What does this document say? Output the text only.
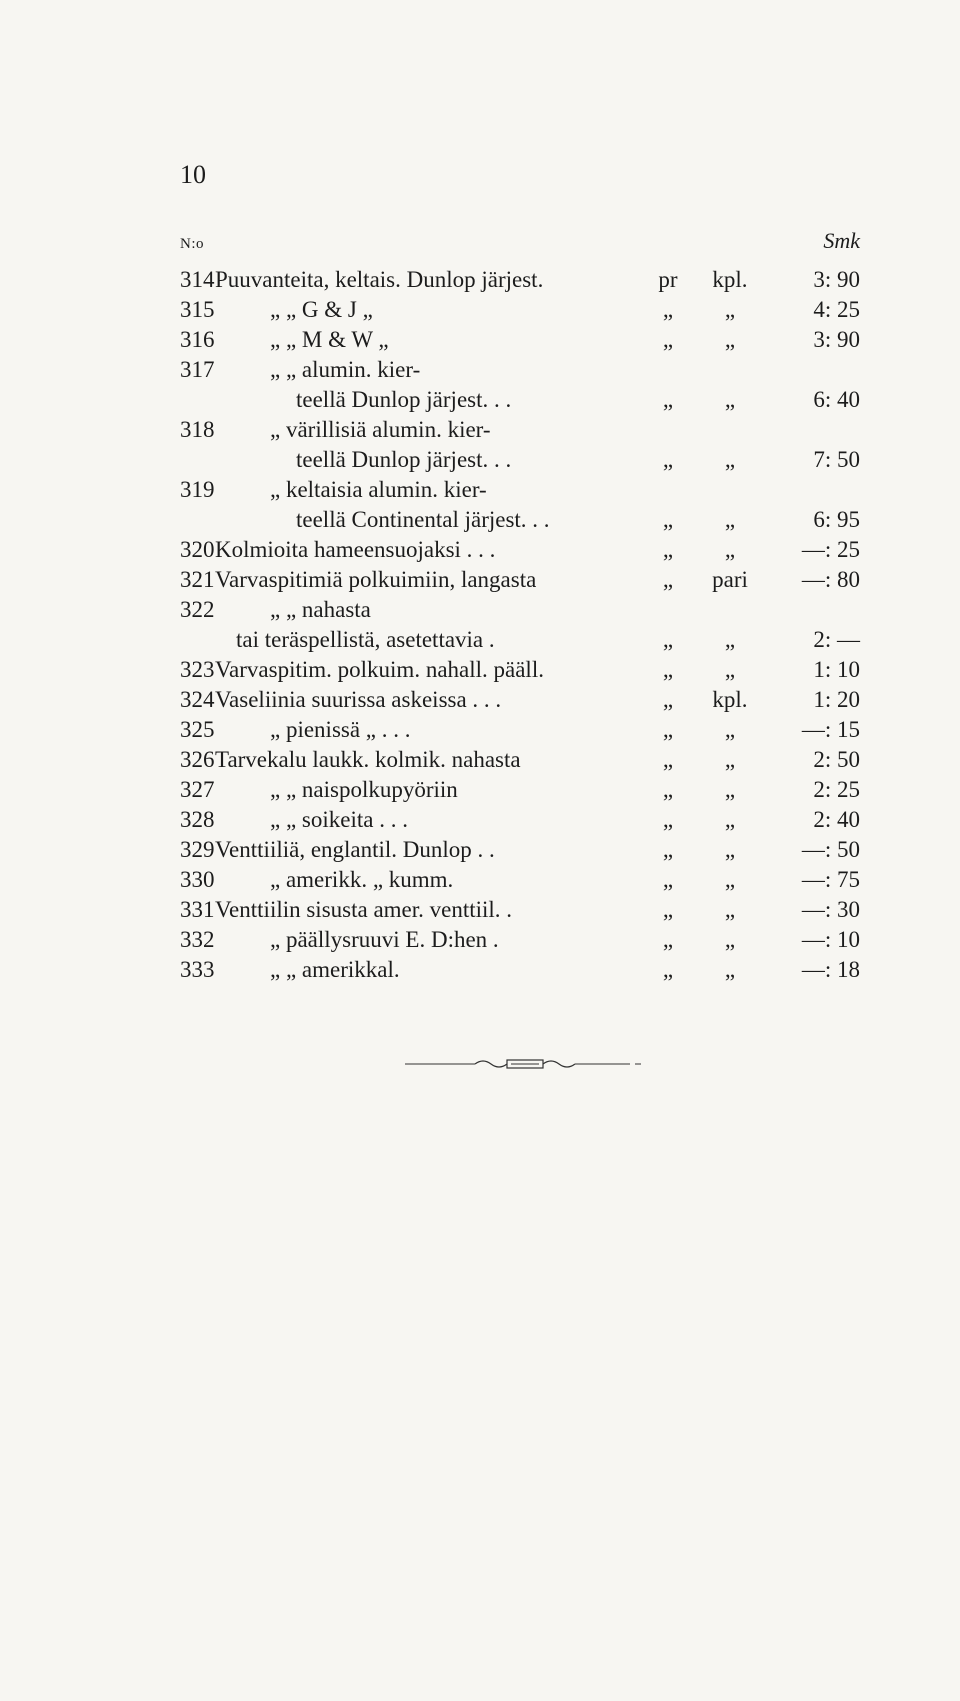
10
N:o	Smk
314 Puuvanteita, keltais. Dunlop järjest.	pr	kpl.	3: 90
315 „ „ G & J „	„	„	4: 25
316 „ „ M & W „	„	„	3: 90
317 „ „ alumin. kier-
teellä Dunlop järjest. . .	„	„	6: 40
318 „ värillisiä alumin. kier-
teellä Dunlop järjest. . .	„	„	7: 50
319 „ keltaisia alumin. kier-
teellä Continental järjest. . .	„	„	6: 95
320 Kolmioita hameensuojaksi . . .	„	„	—: 25
321 Varvaspitimiä polkuimiin, langasta	„	pari	—: 80
322 „ „ nahasta
tai teräspellistä, asetettavia .	„	„	2: —
323 Varvaspitim. polkuim. nahall. pääll.	„	„	1: 10
324 Vaseliinia suurissa askeissa . . .	„	kpl.	1: 20
325 „ pienissä „ . . .	„	„	—: 15
326 Tarvekalu laukk. kolmik. nahasta	„	„	2: 50
327 „ „ naispolkupyöriin	„	„	2: 25
328 „ „ soikeita . . .	„	„	2: 40
329 Venttiiliä, englantil. Dunlop . .	„	„	—: 50
330 „ amerikk. „ kumm.	„	„	—: 75
331 Venttiilin sisusta amer. venttiil. .	„	„	—: 30
332 „ päällysruuvi E. D:hen .	„	„	—: 10
333 „ „ amerikkal.	„	„	—: 18
